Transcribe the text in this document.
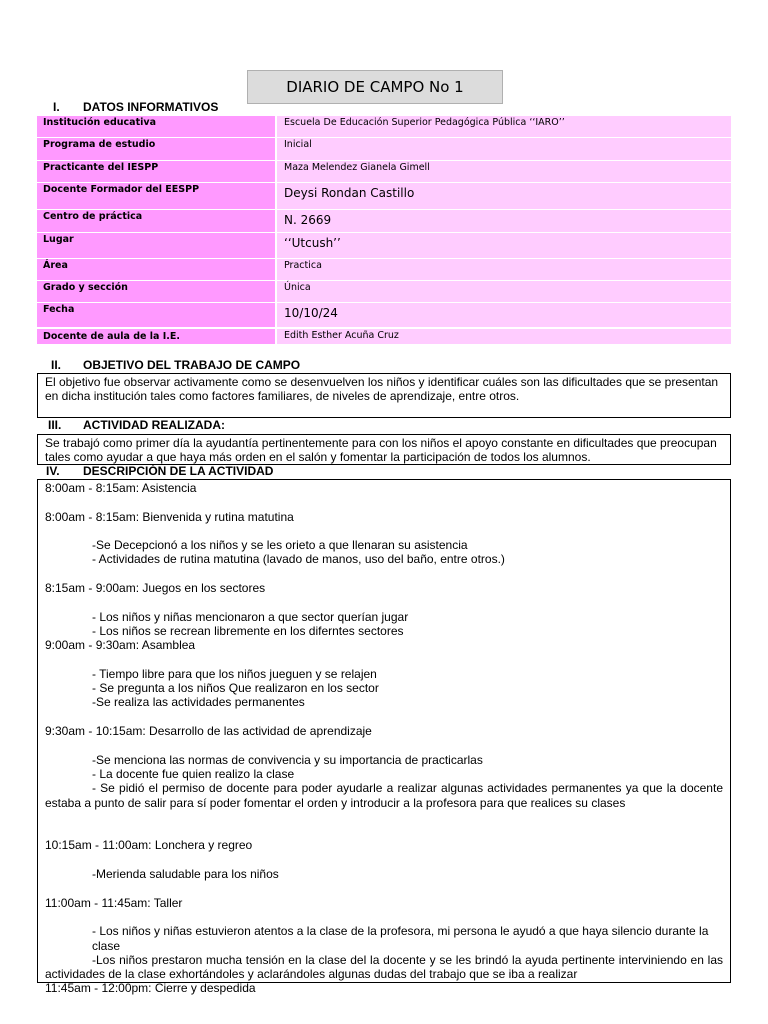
DIARIO DE CAMPO No 1
I. DATOS INFORMATIVOS
Institución educativa	Escuela De Educación Superior Pedagógica Pública ‘‘IARO’’
Programa de estudio	Inicial
Practicante del IESPP	Maza Melendez Gianela Gimell
Docente Formador del EESPP	Deysi Rondan Castillo
Centro de práctica	N. 2669
Lugar	‘‘Utcush’’
Área	Practica
Grado y sección	Única
Fecha	10/10/24
Docente de aula de la I.E.	Edith Esther Acuña Cruz
II. OBJETIVO DEL TRABAJO DE CAMPO
El objetivo fue observar activamente como se desenvuelven los niños y identificar cuáles son las dificultades que se presentan en dicha institución tales como factores familiares, de niveles de aprendizaje, entre otros.
III. ACTIVIDAD REALIZADA:
Se trabajó como primer día la ayudantía pertinentemente para con los niños el apoyo constante en dificultades que preocupan tales como ayudar a que haya más orden en el salón y fomentar la participación de todos los alumnos.
IV. DESCRIPCIÓN DE LA ACTIVIDAD
8:00am - 8:15am: Asistencia
8:00am - 8:15am: Bienvenida y rutina matutina
-Se Decepcionó a los niños y se les orieto a que llenaran su asistencia
- Actividades de rutina matutina (lavado de manos, uso del baño, entre otros.)
8:15am - 9:00am: Juegos en los sectores
- Los niños y niñas mencionaron a que sector querían jugar
- Los niños se recrean libremente en los diferntes sectores
9:00am - 9:30am: Asamblea
- Tiempo libre para que los niños jueguen y se relajen
- Se pregunta a los niños Que realizaron en los sector
-Se realiza las actividades permanentes
9:30am - 10:15am: Desarrollo de las actividad de aprendizaje
-Se menciona las normas de convivencia y su importancia de practicarlas
- La docente fue quien realizo la clase
- Se pidió el permiso de docente para poder ayudarle a realizar algunas actividades permanentes ya que la docente estaba a punto de salir para sí poder fomentar el orden y introducir a la profesora para que realices su clases
10:15am - 11:00am: Lonchera y regreo
-Merienda saludable para los niños
11:00am - 11:45am: Taller
- Los niños y niñas estuvieron atentos a la clase de la profesora, mi persona le ayudó a que haya silencio durante la clase
-Los niños prestaron mucha tensión en la clase del la docente y se les brindó la ayuda pertinente interviniendo en las actividades de la clase exhortándoles y aclarándoles algunas dudas del trabajo que se iba a realizar
11:45am - 12:00pm: Cierre y despedida
